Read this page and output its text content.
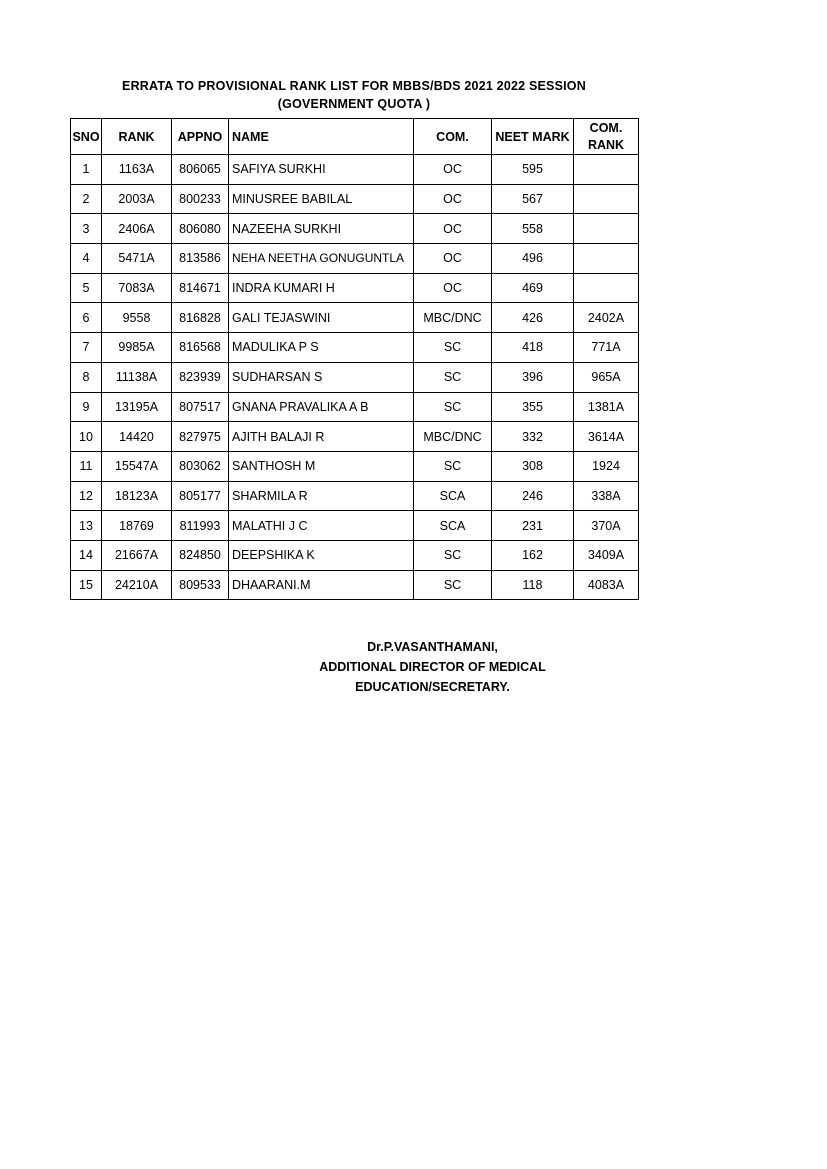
ERRATA TO PROVISIONAL RANK LIST FOR MBBS/BDS 2021 2022 SESSION
(GOVERNMENT QUOTA )
SNO	RANK	APPNO	NAME	COM.	NEET MARK	COM. RANK
1	1163A	806065	SAFIYA SURKHI	OC	595	
2	2003A	800233	MINUSREE BABILAL	OC	567	
3	2406A	806080	NAZEEHA SURKHI	OC	558	
4	5471A	813586	NEHA NEETHA GONUGUNTLA	OC	496	
5	7083A	814671	INDRA KUMARI H	OC	469	
6	9558	816828	GALI TEJASWINI	MBC/DNC	426	2402A
7	9985A	816568	MADULIKA P S	SC	418	771A
8	11138A	823939	SUDHARSAN S	SC	396	965A
9	13195A	807517	GNANA PRAVALIKA A B	SC	355	1381A
10	14420	827975	AJITH BALAJI R	MBC/DNC	332	3614A
11	15547A	803062	SANTHOSH M	SC	308	1924
12	18123A	805177	SHARMILA R	SCA	246	338A
13	18769	811993	MALATHI J C	SCA	231	370A
14	21667A	824850	DEEPSHIKA K	SC	162	3409A
15	24210A	809533	DHAARANI.M	SC	118	4083A
Dr.P.VASANTHAMANI,
ADDITIONAL DIRECTOR OF MEDICAL
EDUCATION/SECRETARY.
